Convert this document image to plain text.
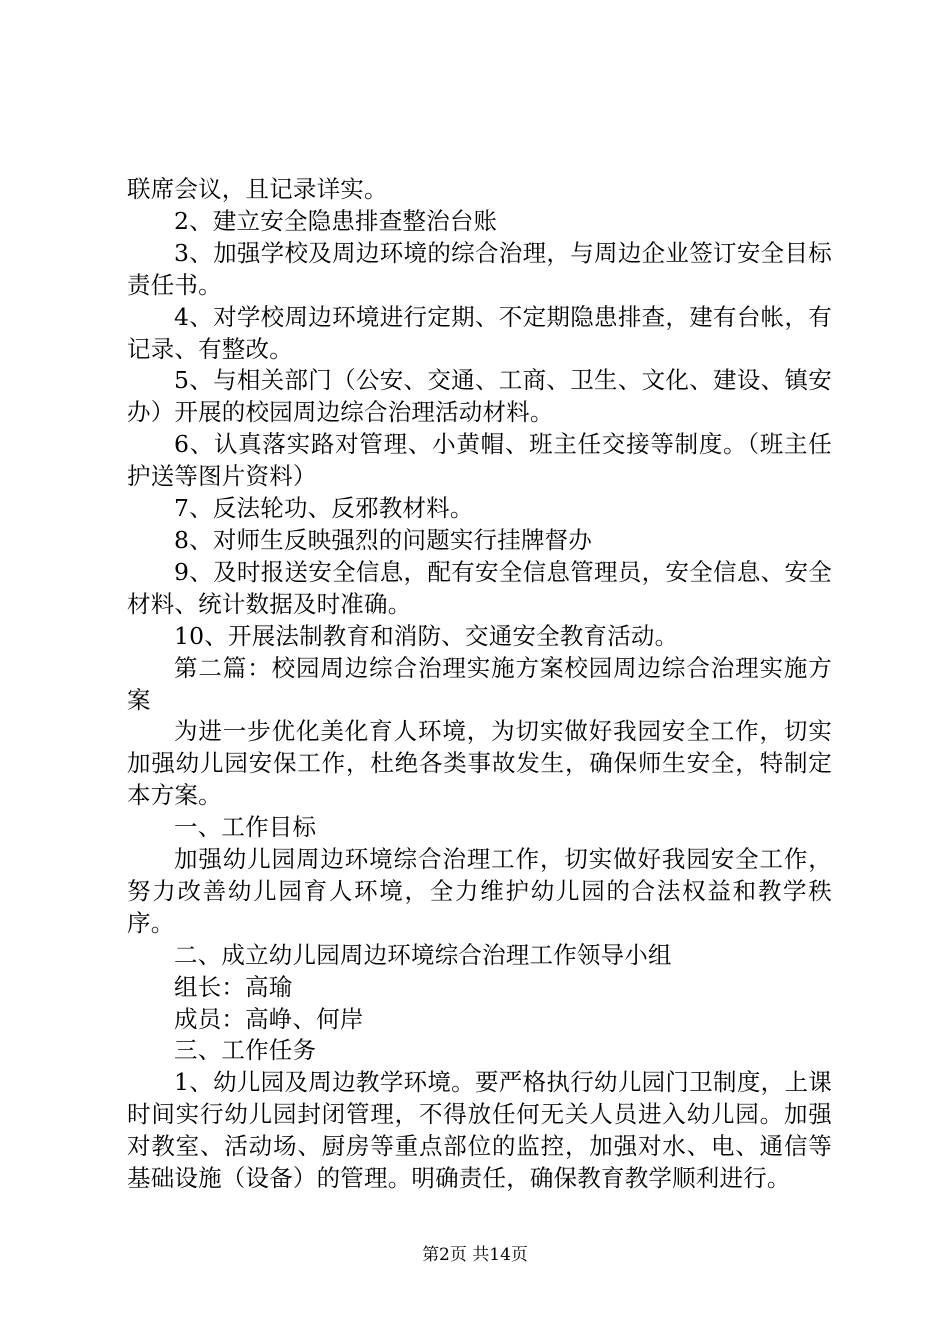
联席会议，且记录详实。

2、建立安全隐患排查整治台账

3、加强学校及周边环境的综合治理，与周边企业签订安全目标责任书。

4、对学校周边环境进行定期、不定期隐患排查，建有台帐，有记录、有整改。

5、与相关部门（公安、交通、工商、卫生、文化、建设、镇安办）开展的校园周边综合治理活动材料。

6、认真落实路对管理、小黄帽、班主任交接等制度。（班主任护送等图片资料）

7、反法轮功、反邪教材料。

8、对师生反映强烈的问题实行挂牌督办

9、及时报送安全信息，配有安全信息管理员，安全信息、安全材料、统计数据及时准确。

10、开展法制教育和消防、交通安全教育活动。

第二篇：校园周边综合治理实施方案校园周边综合治理实施方案

为进一步优化美化育人环境，为切实做好我园安全工作，切实加强幼儿园安保工作，杜绝各类事故发生，确保师生安全，特制定本方案。

一、工作目标

加强幼儿园周边环境综合治理工作，切实做好我园安全工作，努力改善幼儿园育人环境，全力维护幼儿园的合法权益和教学秩序。

二、成立幼儿园周边环境综合治理工作领导小组

组长：高瑜

成员：高峥、何岸

三、工作任务

1、幼儿园及周边教学环境。要严格执行幼儿园门卫制度，上课时间实行幼儿园封闭管理，不得放任何无关人员进入幼儿园。加强对教室、活动场、厨房等重点部位的监控，加强对水、电、通信等基础设施（设备）的管理。明确责任，确保教育教学顺利进行。

第2页 共14页
